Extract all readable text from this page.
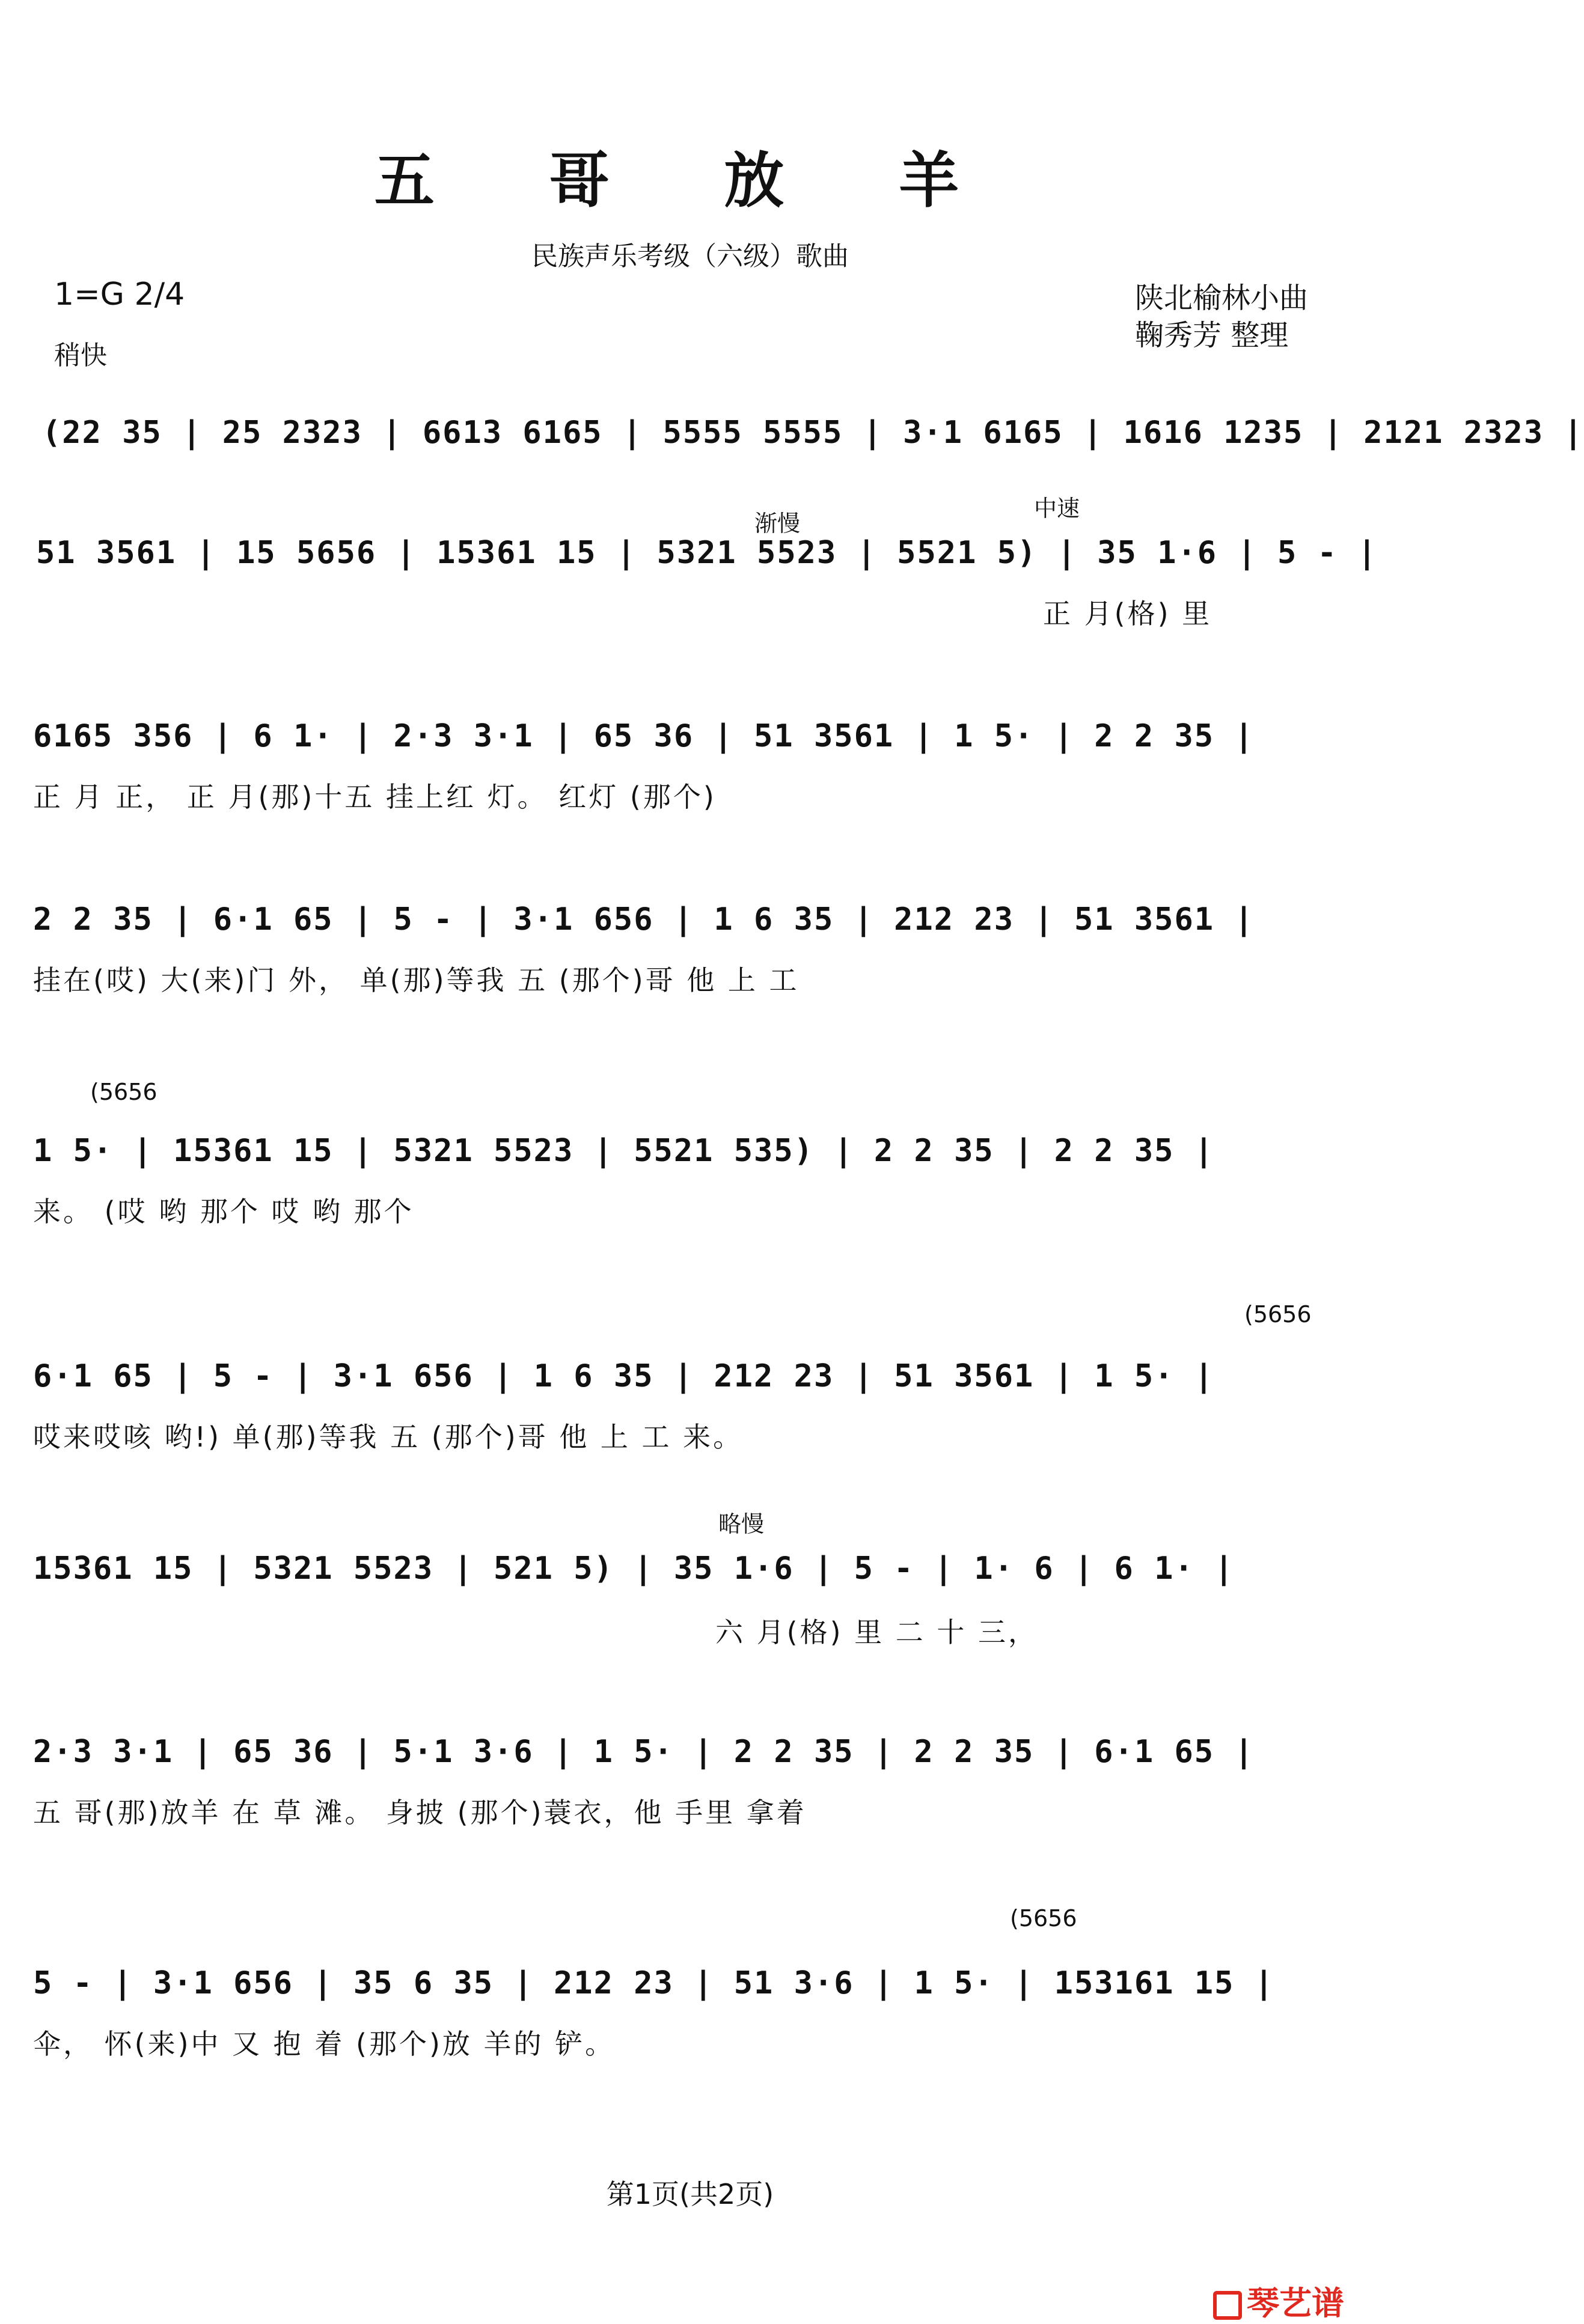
五 哥 放 羊
民族声乐考级（六级）歌曲
1=G 2/4
稍快
陕北榆林小曲
鞠秀芳 整理
渐慢
中速
略慢
(5656
(5656
(5656
(22 35 | 25 2323 | 6613 6165 | 5555 5555 | 3·1 6165 | 1616 1235 | 2121 2323 |
51 3561 | 15 5656 | 15361 15 | 5321 5523 | 5521 5) | 35 1·6 | 5 - |
正 月(格) 里
6165 356 | 6 1· | 2·3 3·1 | 65 36 | 51 3561 | 1 5· | 2 2 35 |
正 月 正， 正 月(那)十五 挂上红 灯。 红灯 (那个)
2 2 35 | 6·1 65 | 5 - | 3·1 656 | 1 6 35 | 212 23 | 51 3561 |
挂在(哎) 大(来)门 外， 单(那)等我 五 (那个)哥 他 上 工
1 5· | 15361 15 | 5321 5523 | 5521 535) | 2 2 35 | 2 2 35 |
来。 (哎 哟 那个 哎 哟 那个
6·1 65 | 5 - | 3·1 656 | 1 6 35 | 212 23 | 51 3561 | 1 5· |
哎来哎咳 哟!) 单(那)等我 五 (那个)哥 他 上 工 来。
15361 15 | 5321 5523 | 521 5) | 35 1·6 | 5 - | 1· 6 | 6 1· |
六 月(格) 里 二 十 三，
2·3 3·1 | 65 36 | 5·1 3·6 | 1 5· | 2 2 35 | 2 2 35 | 6·1 65 |
五 哥(那)放羊 在 草 滩。 身披 (那个)蓑衣，他 手里 拿着
5 - | 3·1 656 | 35 6 35 | 212 23 | 51 3·6 | 1 5· | 153161 15 |
伞， 怀(来)中 又 抱 着 (那个)放 羊的 铲。
第1页(共2页)
琴艺谱
